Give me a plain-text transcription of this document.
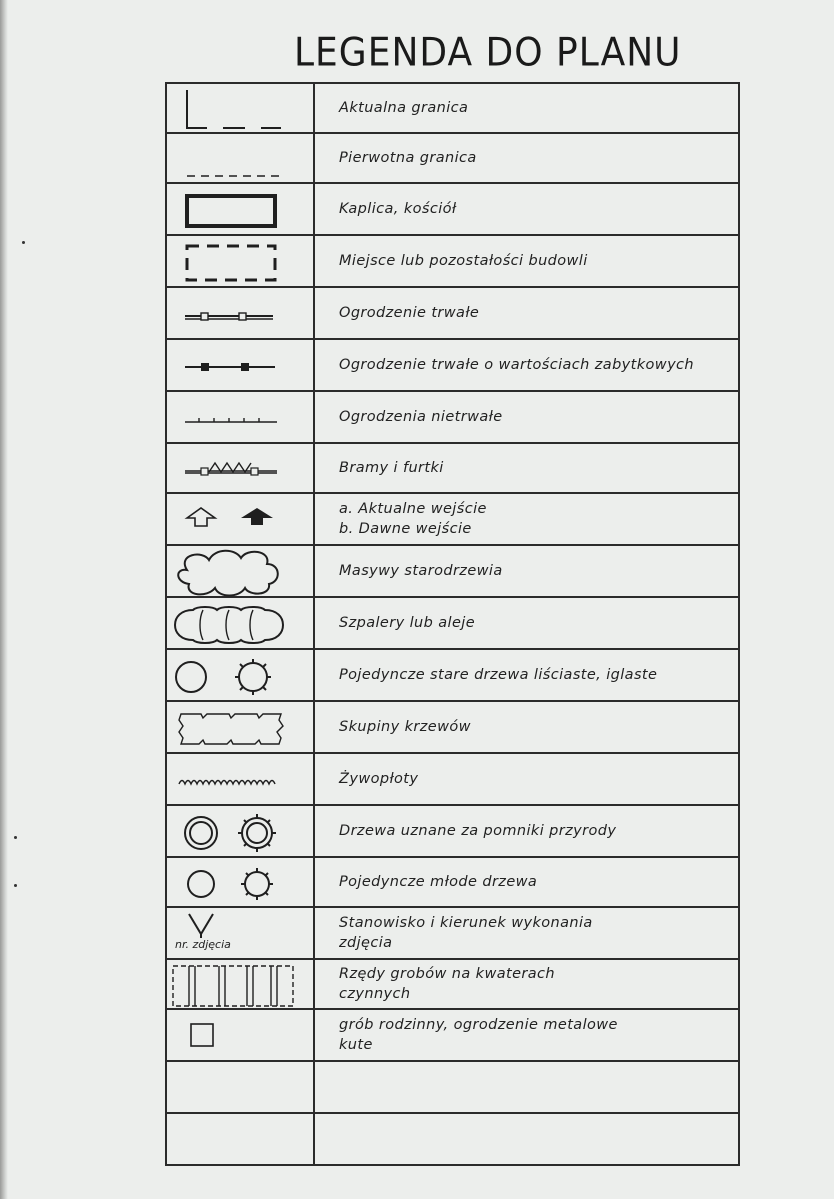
LEGENDA DO PLANU
Aktualna granica
Pierwotna granica
Kaplica, kościół
Miejsce lub pozostałości budowli
Ogrodzenie trwałe
Ogrodzenie trwałe o wartościach zabytkowych
Ogrodzenia nietrwałe
Bramy i furtki
a. Aktualne wejście
b. Dawne wejście
Masywy starodrzewia
Szpalery lub aleje
Pojedyncze stare drzewa liściaste, iglaste
Skupiny krzewów
Żywopłoty
Drzewa uznane za pomniki przyrody
Pojedyncze młode drzewa
nr. zdjęcia
Stanowisko i kierunek wykonania
zdjęcia
Rzędy grobów na kwaterach
czynnych
grób rodzinny, ogrodzenie metalowe
kute
